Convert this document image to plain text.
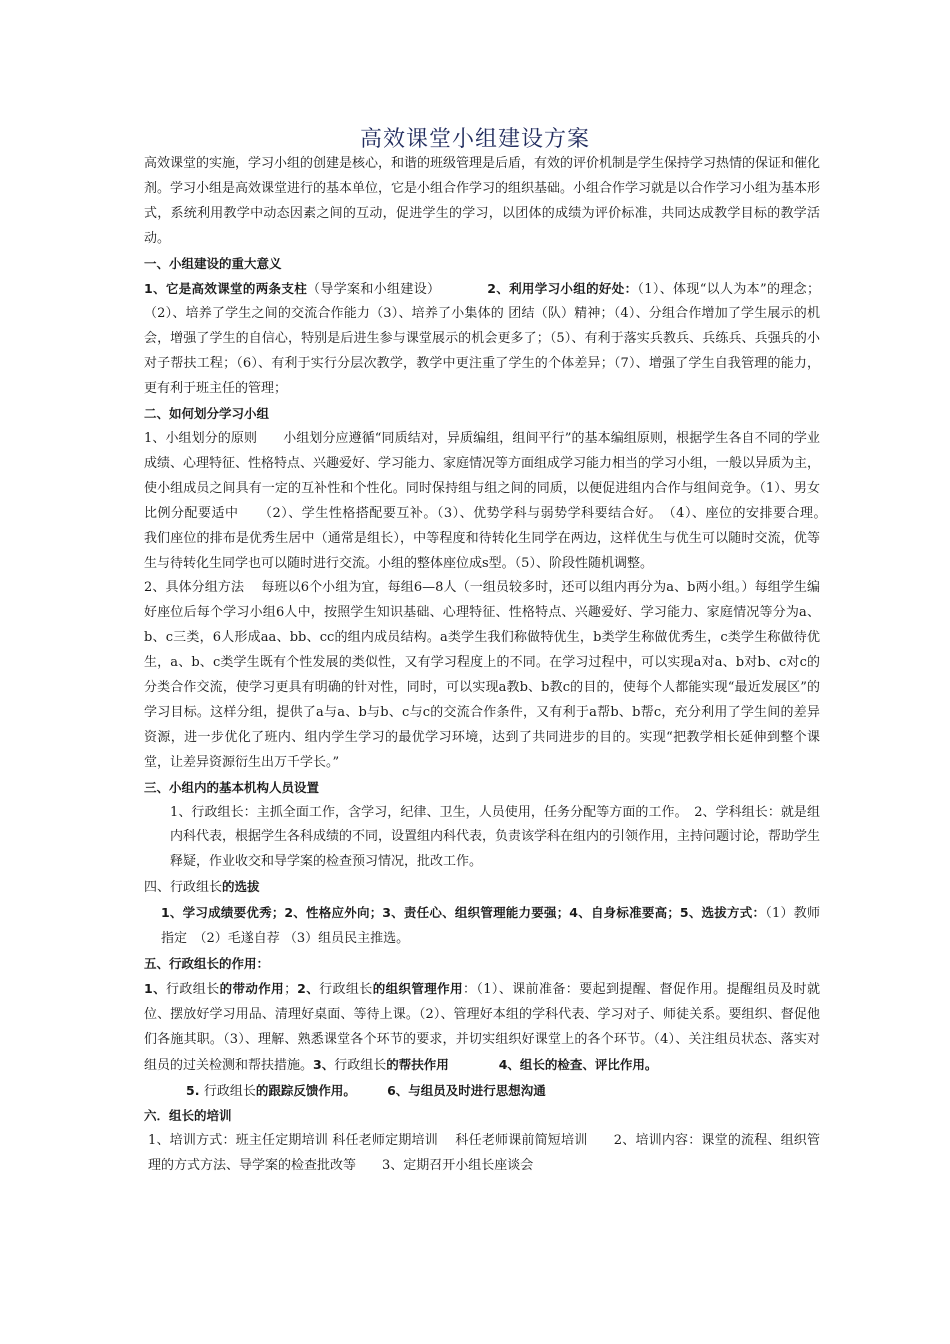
高效课堂小组建设方案

高效课堂的实施，学习小组的创建是核心，和谐的班级管理是后盾，有效的评价机制是学生保持学习热情的保证和催化剂。学习小组是高效课堂进行的基本单位，它是小组合作学习的组织基础。小组合作学习就是以合作学习小组为基本形式，系统利用教学中动态因素之间的互动，促进学生的学习，以团体的成绩为评价标准，共同达成教学目标的教学活动。

一、小组建设的重大意义

1、它是高效课堂的两条支柱（导学案和小组建设）　　　　2、利用学习小组的好处：（1）、体现“以人为本”的理念；（2）、培养了学生之间的交流合作能力（3）、培养了小集体的 团结（队）精神；（4）、分组合作增加了学生展示的机会，增强了学生的自信心，特别是后进生参与课堂展示的机会更多了；（5）、有利于落实兵教兵、兵练兵、兵强兵的小对子帮扶工程；（6）、有利于实行分层次教学，教学中更注重了学生的个体差异；（7）、增强了学生自我管理的能力，更有利于班主任的管理；

二、如何划分学习小组

1、小组划分的原则　　小组划分应遵循“同质结对，异质编组，组间平行”的基本编组原则，根据学生各自不同的学业成绩、心理特征、性格特点、兴趣爱好、学习能力、家庭情况等方面组成学习能力相当的学习小组，一般以异质为主，使小组成员之间具有一定的互补性和个性化。同时保持组与组之间的同质，以便促进组内合作与组间竞争。（1）、男女比例分配要适中　　（2）、学生性格搭配要互补。（3）、优势学科与弱势学科要结合好。　（4）、座位的安排要合理。　　我们座位的排布是优秀生居中（通常是组长），中等程度和待转化生同学在两边，这样优生与优生可以随时交流，优等生与待转化生同学也可以随时进行交流。小组的整体座位成s型。（5）、阶段性随机调整。

2、具体分组方法　 每班以6个小组为宜，每组6—8人（一组员较多时，还可以组内再分为a、b两小组。）每组学生编好座位后每个学习小组6人中，按照学生知识基础、心理特征、性格特点、兴趣爱好、学习能力、家庭情况等分为a、b、c三类，6人形成aa、bb、cc的组内成员结构。a类学生我们称做特优生，b类学生称做优秀生，c类学生称做待优生，a、b、c类学生既有个性发展的类似性，又有学习程度上的不同。在学习过程中，可以实现a对a、b对b、c对c的分类合作交流，使学习更具有明确的针对性，同时，可以实现a教b、b教c的目的，使每个人都能实现“最近发展区”的学习目标。这样分组，提供了a与a、b与b、c与c的交流合作条件，又有利于a帮b、b帮c，充分利用了学生间的差异资源，进一步优化了班内、组内学生学习的最优学习环境，达到了共同进步的目的。实现“把教学相长延伸到整个课堂，让差异资源衍生出万千学长。”

三、小组内的基本机构人员设置

1、行政组长：主抓全面工作，含学习，纪律、卫生，人员使用，任务分配等方面的工作。　2、学科组长：就是组内科代表，根据学生各科成绩的不同，设置组内科代表，负责该学科在组内的引领作用，主持问题讨论，帮助学生释疑，作业收交和导学案的检查预习情况，批改工作。

四、行政组长的选拔

1、学习成绩要优秀；2、性格应外向；3、责任心、组织管理能力要强；4、自身标准要高；5、选拔方式：（1）教师指定　（2）毛遂自荐 （3）组员民主推选。

五、行政组长的作用：

1、行政组长的带动作用；2、行政组长的组织管理作用：（1）、课前准备：要起到提醒、督促作用。提醒组员及时就位、摆放好学习用品、清理好桌面、等待上课。（2）、管理好本组的学科代表、学习对子、师徒关系。要组织、督促他们各施其职。（3）、理解、熟悉课堂各个环节的要求，并切实组织好课堂上的各个环节。（4）、关注组员状态、落实对组员的过关检测和帮扶措施。3、行政组长的帮扶作用　　　　4、组长的检查、评比作用。

5. 行政组长的跟踪反馈作用。　　　6、与组员及时进行思想沟通

六．组长的培训

1、培训方式：班主任定期培训 科任老师定期培训　 科任老师课前简短培训　　2、培训内容：课堂的流程、组织管理的方式方法、导学案的检查批改等　　3、定期召开小组长座谈会
